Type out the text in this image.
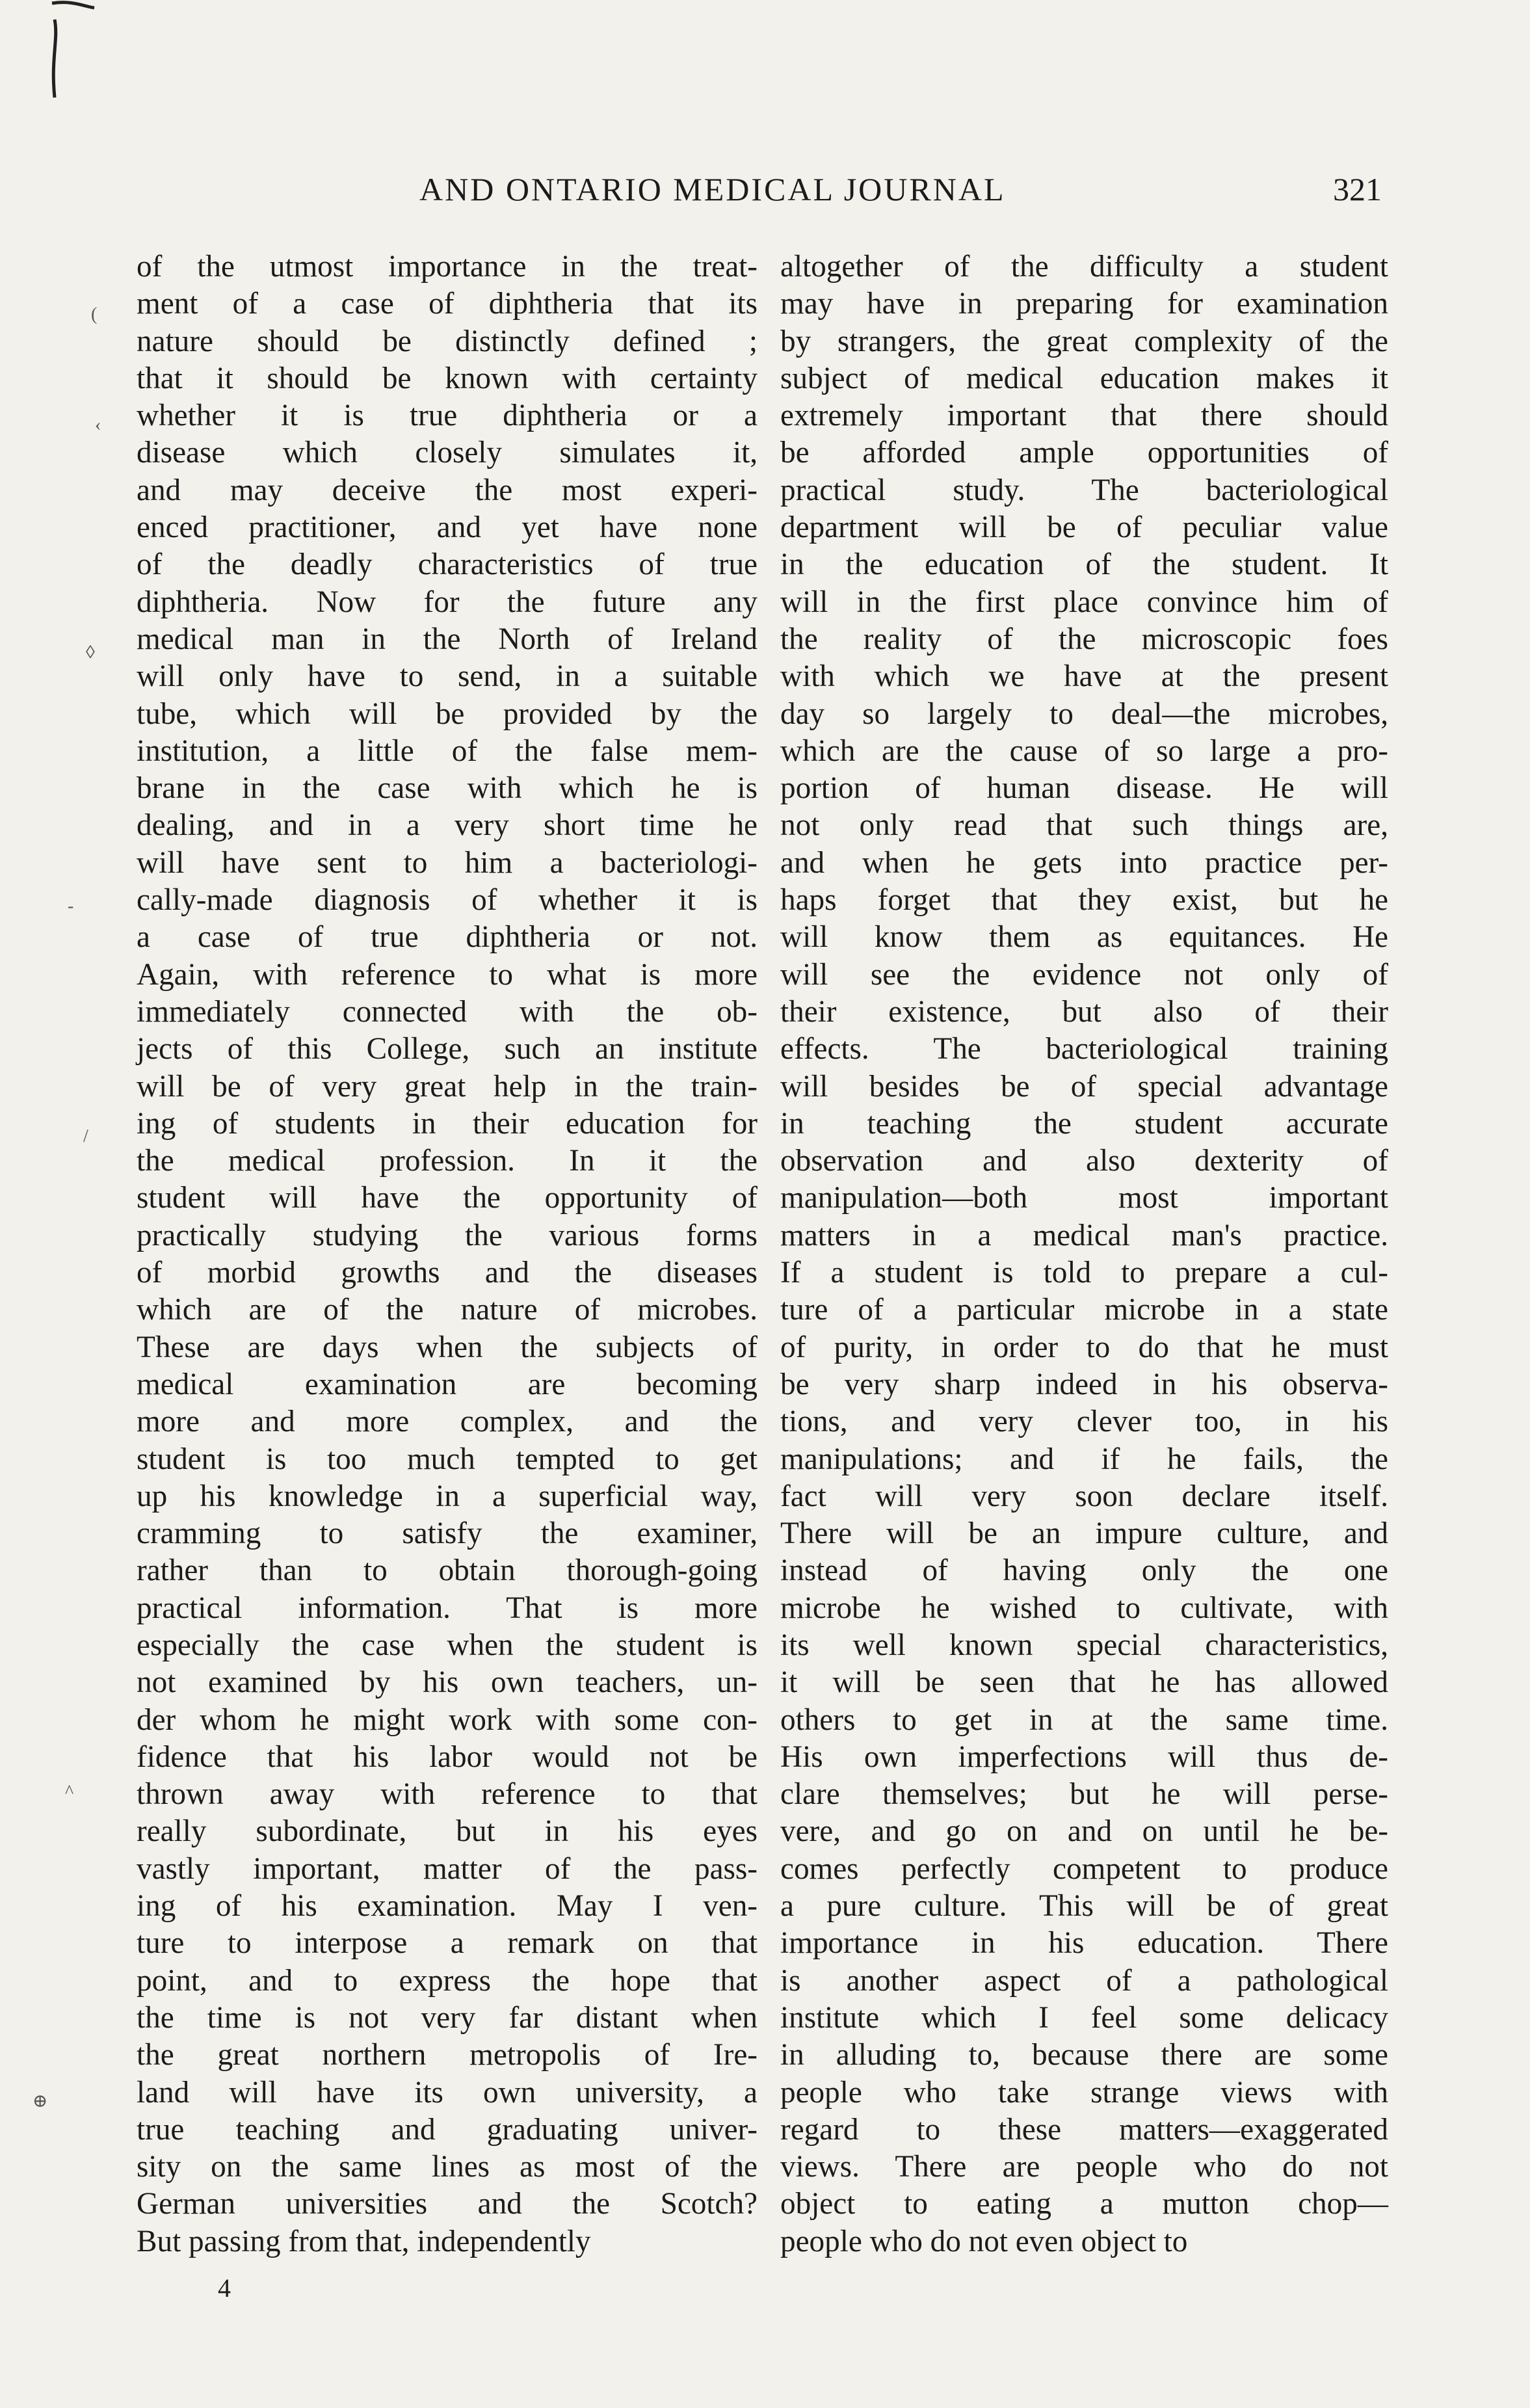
(
‹
◊
-
/
^
⊕
AND ONTARIO MEDICAL JOURNAL	321
of the utmost importance in the treat-
ment of a case of diphtheria that its
nature should be distinctly defined ;
that it should be known with certainty
whether it is true diphtheria or a
disease which closely simulates it,
and may deceive the most experi-
enced practitioner, and yet have none
of the deadly characteristics of true
diphtheria. Now for the future any
medical man in the North of Ireland
will only have to send, in a suitable
tube, which will be provided by the
institution, a little of the false mem-
brane in the case with which he is
dealing, and in a very short time he
will have sent to him a bacteriologi-
cally-made diagnosis of whether it is
a case of true diphtheria or not.
Again, with reference to what is more
immediately connected with the ob-
jects of this College, such an institute
will be of very great help in the train-
ing of students in their education for
the medical profession. In it the
student will have the opportunity of
practically studying the various forms
of morbid growths and the diseases
which are of the nature of microbes.
These are days when the subjects of
medical examination are becoming
more and more complex, and the
student is too much tempted to get
up his knowledge in a superficial way,
cramming to satisfy the examiner,
rather than to obtain thorough-going
practical information. That is more
especially the case when the student is
not examined by his own teachers, un-
der whom he might work with some con-
fidence that his labor would not be
thrown away with reference to that
really subordinate, but in his eyes
vastly important, matter of the pass-
ing of his examination. May I ven-
ture to interpose a remark on that
point, and to express the hope that
the time is not very far distant when
the great northern metropolis of Ire-
land will have its own university, a
true teaching and graduating univer-
sity on the same lines as most of the
German universities and the Scotch?
But passing from that, independently
altogether of the difficulty a student
may have in preparing for examination
by strangers, the great complexity of the
subject of medical education makes it
extremely important that there should
be afforded ample opportunities of
practical study. The bacteriological
department will be of peculiar value
in the education of the student. It
will in the first place convince him of
the reality of the microscopic foes
with which we have at the present
day so largely to deal—the microbes,
which are the cause of so large a pro-
portion of human disease. He will
not only read that such things are,
and when he gets into practice per-
haps forget that they exist, but he
will know them as equitances. He
will see the evidence not only of
their existence, but also of their
effects. The bacteriological training
will besides be of special advantage
in teaching the student accurate
observation and also dexterity of
manipulation—both most important
matters in a medical man's practice.
If a student is told to prepare a cul-
ture of a particular microbe in a state
of purity, in order to do that he must
be very sharp indeed in his observa-
tions, and very clever too, in his
manipulations; and if he fails, the
fact will very soon declare itself.
There will be an impure culture, and
instead of having only the one
microbe he wished to cultivate, with
its well known special characteristics,
it will be seen that he has allowed
others to get in at the same time.
His own imperfections will thus de-
clare themselves; but he will perse-
vere, and go on and on until he be-
comes perfectly competent to produce
a pure culture. This will be of great
importance in his education. There
is another aspect of a pathological
institute which I feel some delicacy
in alluding to, because there are some
people who take strange views with
regard to these matters—exaggerated
views. There are people who do not
object to eating a mutton chop—
people who do not even object to
4
